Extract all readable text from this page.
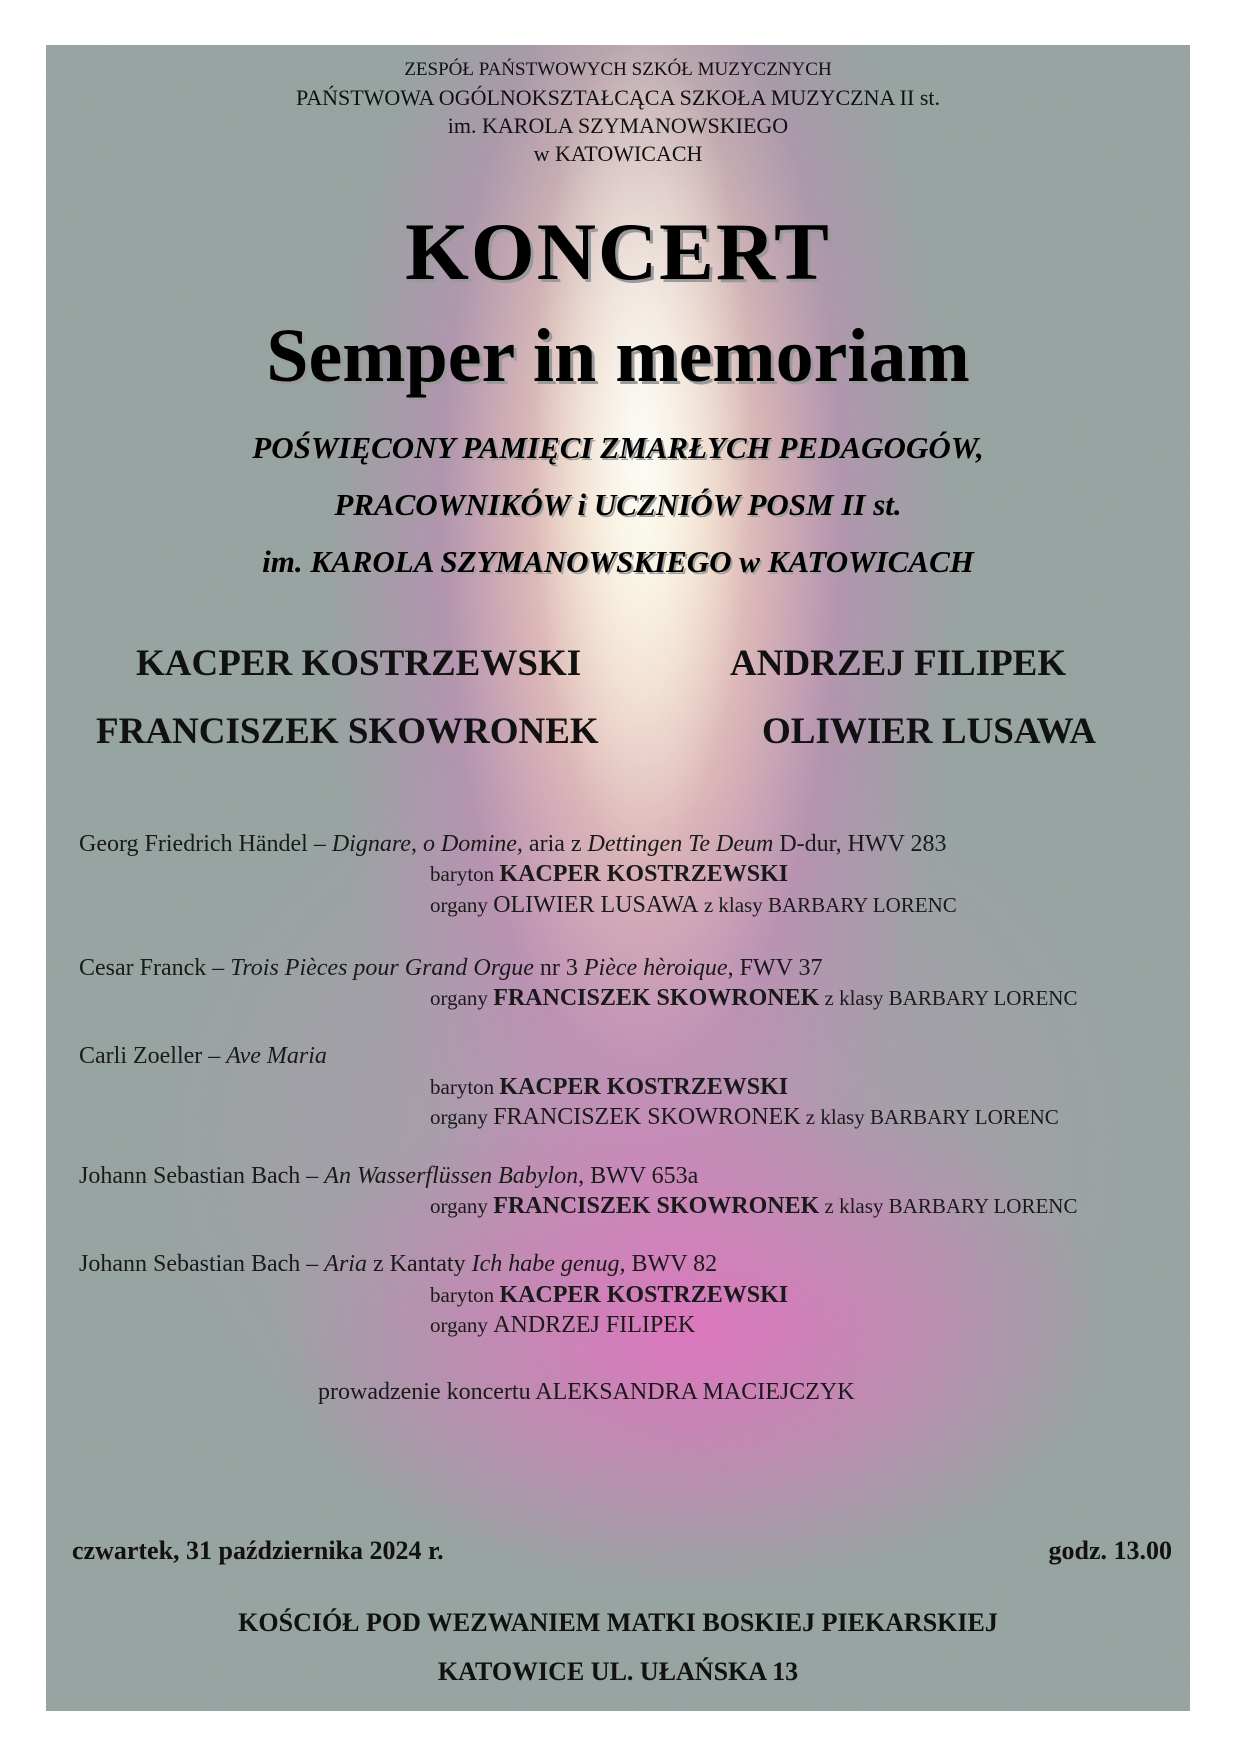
ZESPÓŁ PAŃSTWOWYCH SZKÓŁ MUZYCZNYCH
PAŃSTWOWA OGÓLNOKSZTAŁCĄCA SZKOŁA MUZYCZNA II st.
im. KAROLA SZYMANOWSKIEGO
w KATOWICACH
KONCERT
Semper in memoriam
POŚWIĘCONY PAMIĘCI ZMARŁYCH PEDAGOGÓW,
PRACOWNIKÓW i UCZNIÓW POSM II st.
im. KAROLA SZYMANOWSKIEGO w KATOWICACH
KACPER KOSTRZEWSKI	ANDRZEJ FILIPEK
FRANCISZEK SKOWRONEK	OLIWIER LUSAWA
Georg Friedrich Händel – Dignare, o Domine, aria z Dettingen Te Deum D-dur, HWV 283
baryton KACPER KOSTRZEWSKI
organy OLIWIER LUSAWA z klasy BARBARY LORENC
Cesar Franck – Trois Pièces pour Grand Orgue nr 3 Pièce hèroique, FWV 37
organy FRANCISZEK SKOWRONEK z klasy BARBARY LORENC
Carli Zoeller – Ave Maria
baryton KACPER KOSTRZEWSKI
organy FRANCISZEK SKOWRONEK z klasy BARBARY LORENC
Johann Sebastian Bach – An Wasserflüssen Babylon, BWV 653a
organy FRANCISZEK SKOWRONEK z klasy BARBARY LORENC
Johann Sebastian Bach – Aria z Kantaty Ich habe genug, BWV 82
baryton KACPER KOSTRZEWSKI
organy ANDRZEJ FILIPEK
prowadzenie koncertu ALEKSANDRA MACIEJCZYK
czwartek, 31 października 2024 r.	godz. 13.00
KOŚCIÓŁ POD WEZWANIEM MATKI BOSKIEJ PIEKARSKIEJ
KATOWICE UL. UŁAŃSKA 13
